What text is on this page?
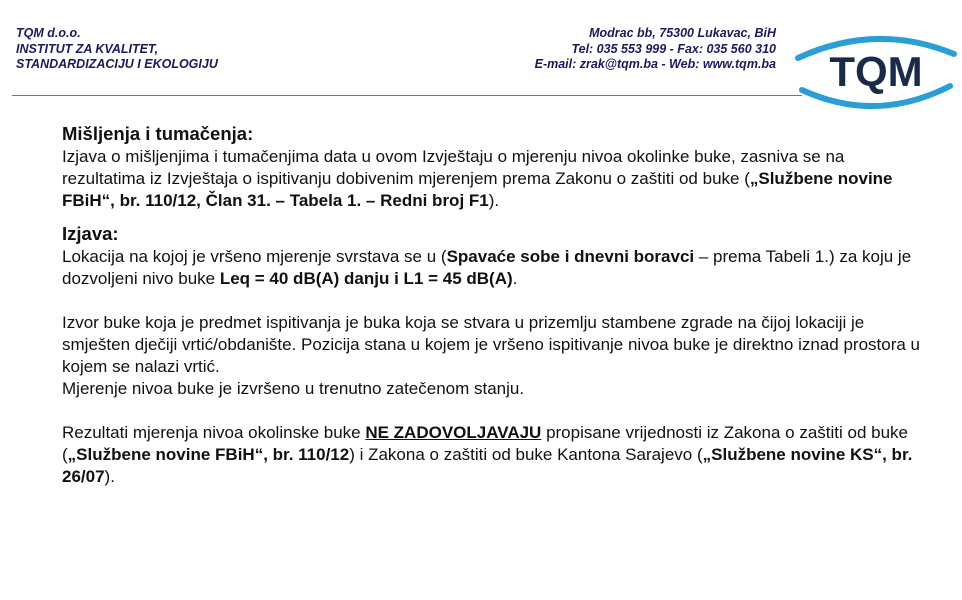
TQM d.o.o.
INSTITUT ZA KVALITET,
STANDARDIZACIJU I EKOLOGIJU
Modrac bb, 75300 Lukavac, BiH
Tel: 035 553 999 - Fax: 035 560 310
E-mail: zrak@tqm.ba - Web: www.tqm.ba TQM
Mišljenja i tumačenja:

Izjava o mišljenjima i tumačenjima data u ovom Izvještaju o mjerenju nivoa okolinke buke, zasniva se na rezultatima iz Izvještaja o ispitivanju dobivenim mjerenjem prema Zakonu o zaštiti od buke („Službene novine FBiH“, br. 110/12, Član 31. – Tabela 1. – Redni broj F1).

Izjava:

Lokacija na kojoj je vršeno mjerenje svrstava se u (Spavaće sobe i dnevni boravci – prema Tabeli 1.) za koju je dozvoljeni nivo buke Leq = 40 dB(A) danju i L1 = 45 dB(A).

Izvor buke koja je predmet ispitivanja je buka koja se stvara u prizemlju stambene zgrade na čijoj lokaciji je smješten dječiji vrtić/obdanište. Pozicija stana u kojem je vršeno ispitivanje nivoa buke je direktno iznad prostora u kojem se nalazi vrtić.

Mjerenje nivoa buke je izvršeno u trenutno zatečenom stanju.

Rezultati mjerenja nivoa okolinske buke NE ZADOVOLJAVAJU propisane vrijednosti iz Zakona o zaštiti od buke („Službene novine FBiH“, br. 110/12) i Zakona o zaštiti od buke Kantona Sarajevo („Službene novine KS“, br. 26/07).
